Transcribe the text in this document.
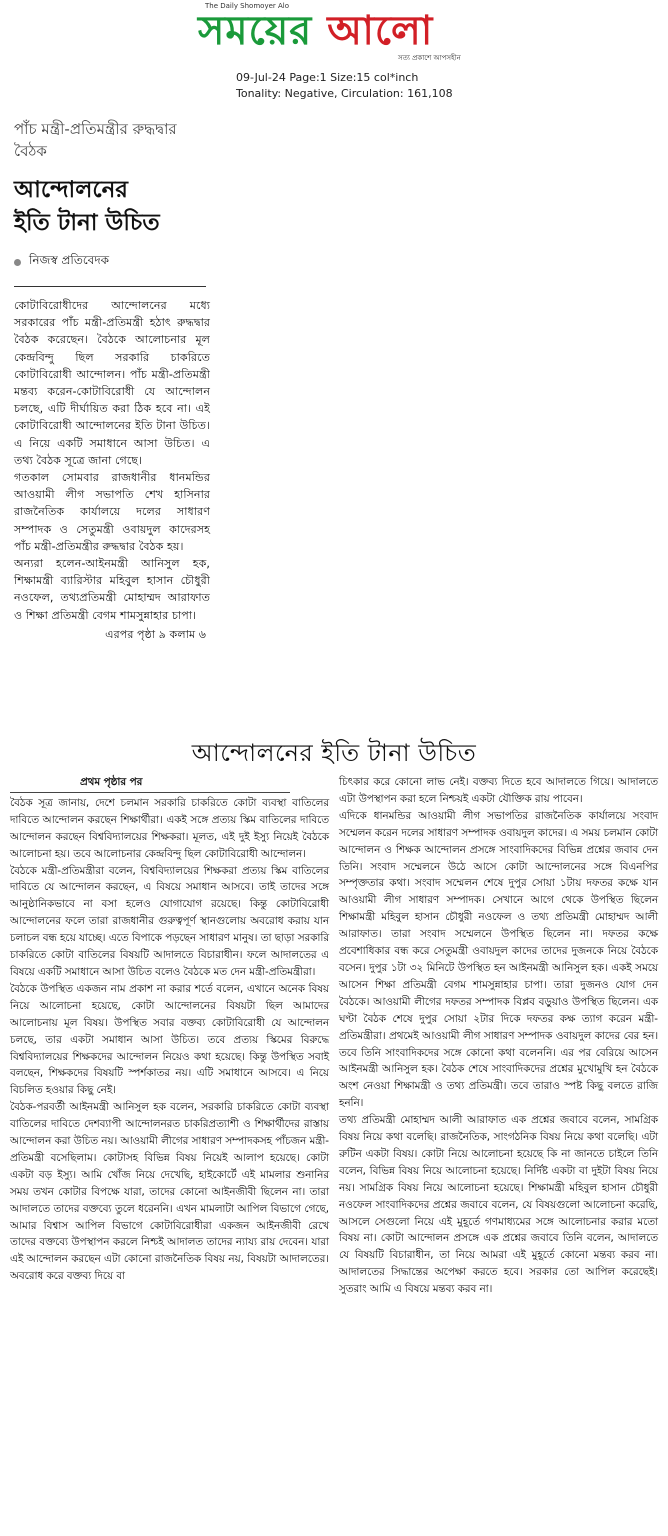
The Daily Shomoyer Alo
সময়ের আলো
সত্য প্রকাশে আপসহীন
09-Jul-24 Page:1 Size:15 col*inch
Tonality: Negative, Circulation: 161,108
পাঁচ মন্ত্রী-প্রতিমন্ত্রীর রুদ্ধদ্বার বৈঠক
আন্দোলনের
ইতি টানা উচিত
নিজস্ব প্রতিবেদক

কোটাবিরোধীদের আন্দোলনের মধ্যে সরকারের পাঁচ মন্ত্রী-প্রতিমন্ত্রী হঠাৎ রুদ্ধদ্বার বৈঠক করেছেন। বৈঠকে আলোচনার মূল কেন্দ্রবিন্দু ছিল সরকারি চাকরিতে কোটাবিরোধী আন্দোলন। পাঁচ মন্ত্রী-প্রতিমন্ত্রী মন্তব্য করেন-কোটাবিরোধী যে আন্দোলন চলছে, এটি দীর্ঘায়িত করা ঠিক হবে না। এই কোটাবিরোধী আন্দোলনের ইতি টানা উচিত। এ নিয়ে একটি সমাধানে আসা উচিত। এ তথ্য বৈঠক সূত্রে জানা গেছে।

গতকাল সোমবার রাজধানীর ধানমন্ডির আওয়ামী লীগ সভাপতি শেখ হাসিনার রাজনৈতিক কার্যালয়ে দলের সাধারণ সম্পাদক ও সেতুমন্ত্রী ওবায়দুল কাদেরসহ পাঁচ মন্ত্রী-প্রতিমন্ত্রীর রুদ্ধদ্বার বৈঠক হয়।

অন্যরা হলেন-আইনমন্ত্রী আনিসুল হক, শিক্ষামন্ত্রী ব্যারিস্টার মহিবুল হাসান চৌধুরী নওফেল, তথ্যপ্রতিমন্ত্রী মোহাম্মদ আরাফাত ও শিক্ষা প্রতিমন্ত্রী বেগম শামসুন্নাহার চাপা।

এরপর পৃষ্ঠা ৯ কলাম ৬
আন্দোলনের ইতি টানা উচিত

প্রথম পৃষ্ঠার পর

বৈঠক সূত্র জানায়, দেশে চলমান সরকারি চাকরিতে কোটা ব্যবস্থা বাতিলের দাবিতে আন্দোলন করছেন শিক্ষার্থীরা। একই সঙ্গে প্রত্যয় স্কিম বাতিলের দাবিতে আন্দোলন করছেন বিশ্ববিদ্যালয়ের শিক্ষকরা। মূলত, এই দুই ইস্যু নিয়েই বৈঠকে আলোচনা হয়। তবে আলোচনার কেন্দ্রবিন্দু ছিল কোটাবিরোধী আন্দোলন।

বৈঠকে মন্ত্রী-প্রতিমন্ত্রীরা বলেন, বিশ্ববিদ্যালয়ের শিক্ষকরা প্রত্যয় স্কিম বাতিলের দাবিতে যে আন্দোলন করছেন, এ বিষয়ে সমাধান আসবে। তাই তাদের সঙ্গে আনুষ্ঠানিকভাবে না বসা হলেও যোগাযোগ রয়েছে। কিন্তু কোটাবিরোধী আন্দোলনের ফলে তারা রাজধানীর গুরুত্বপূর্ণ স্থানগুলোয় অবরোধ করায় যান চলাচল বন্ধ হয়ে যাচ্ছে। এতে বিপাকে পড়ছেন সাধারণ মানুষ। তা ছাড়া সরকারি চাকরিতে কোটা বাতিলের বিষয়টি আদালতে বিচারাধীন। ফলে আদালতের এ বিষয়ে একটি সমাধানে আসা উচিত বলেও বৈঠকে মত দেন মন্ত্রী-প্রতিমন্ত্রীরা।

বৈঠকে উপস্থিত একজন নাম প্রকাশ না করার শর্তে বলেন, এখানে অনেক বিষয় নিয়ে আলোচনা হয়েছে, কোটা আন্দোলনের বিষয়টা ছিল আমাদের আলোচনায় মূল বিষয়। উপস্থিত সবার বক্তব্য কোটাবিরোধী যে আন্দোলন চলছে, তার একটা সমাধান আসা উচিত। তবে প্রত্যয় স্কিমের বিরুদ্ধে বিশ্ববিদ্যালয়ের শিক্ষকদের আন্দোলন নিয়েও কথা হয়েছে। কিন্তু উপস্থিত সবাই বলছেন, শিক্ষকদের বিষয়টি স্পর্শকাতর নয়। এটি সমাধানে আসবে। এ নিয়ে বিচলিত হওয়ার কিছু নেই।

বৈঠক-পরবর্তী আইনমন্ত্রী আনিসুল হক বলেন, সরকারি চাকরিতে কোটা ব্যবস্থা বাতিলের দাবিতে দেশব্যাপী আন্দোলনরত চাকরিপ্রত্যাশী ও শিক্ষার্থীদের রাস্তায় আন্দোলন করা উচিত নয়। আওয়ামী লীগের সাধারণ সম্পাদকসহ পাঁচজন মন্ত্রী-প্রতিমন্ত্রী বসেছিলাম। কোটাসহ বিভিন্ন বিষয় নিয়েই আলাপ হয়েছে। কোটা একটা বড় ইস্যু। আমি খোঁজ নিয়ে দেখেছি, হাইকোর্টে এই মামলার শুনানির সময় তখন কোটার বিপক্ষে যারা, তাদের কোনো আইনজীবী ছিলেন না। তারা আদালতে তাদের বক্তব্যে তুলে ধরেননি। এখন মামলাটা আপিল বিভাগে গেছে, আমার বিশ্বাস আপিল বিভাগে কোটাবিরোধীরা একজন আইনজীবী রেখে তাদের বক্তব্যে উপস্থাপন করলে নিশ্চই আদালত তাদের ন্যায্য রায় দেবেন। যারা এই আন্দোলন করছেন এটা কোনো রাজনৈতিক বিষয় নয়, বিষয়টা আদালতের। অবরোধ করে বক্তব্য দিয়ে বা

চিৎকার করে কোনো লাভ নেই। বক্তব্য দিতে হবে আদালতে গিয়ে। আদালতে এটা উপস্থাপন করা হলে নিশ্চয়ই একটা যৌক্তিক রায় পাবেন।

এদিকে ধানমন্ডির আওয়ামী লীগ সভাপতির রাজনৈতিক কার্যালয়ে সংবাদ সম্মেলন করেন দলের সাধারণ সম্পাদক ওবায়দুল কাদের। এ সময় চলমান কোটা আন্দোলন ও শিক্ষক আন্দোলন প্রসঙ্গে সাংবাদিকদের বিভিন্ন প্রশ্নের জবাব দেন তিনি। সংবাদ সম্মেলনে উঠে আসে কোটা আন্দোলনের সঙ্গে বিএনপির সম্পৃক্ততার কথা। সংবাদ সম্মেলন শেষে দুপুর সোয়া ১টায় দফতর কক্ষে যান আওয়ামী লীগ সাধারণ সম্পাদক। সেখানে আগে থেকে উপস্থিত ছিলেন শিক্ষামন্ত্রী মহিবুল হাসান চৌধুরী নওফেল ও তথ্য প্রতিমন্ত্রী মোহাম্মদ আলী আরাফাত। তারা সংবাদ সম্মেলনে উপস্থিত ছিলেন না। দফতর কক্ষে প্রবেশাধিকার বন্ধ করে সেতুমন্ত্রী ওবায়দুল কাদের তাদের দুজনকে নিয়ে বৈঠকে বসেন। দুপুর ১টা ৩২ মিনিটে উপস্থিত হন আইনমন্ত্রী আনিসুল হক। একই সময়ে আসেন শিক্ষা প্রতিমন্ত্রী বেগম শামসুন্নাহার চাপা। তারা দুজনও যোগ দেন বৈঠকে। আওয়ামী লীগের দফতর সম্পাদক বিপ্লব বড়ুয়াও উপস্থিত ছিলেন। এক ঘণ্টা বৈঠক শেষে দুপুর সোয়া ২টার দিকে দফতর কক্ষ ত্যাগ করেন মন্ত্রী-প্রতিমন্ত্রীরা। প্রথমেই আওয়ামী লীগ সাধারণ সম্পাদক ওবায়দুল কাদের বের হন। তবে তিনি সাংবাদিকদের সঙ্গে কোনো কথা বলেননি। এর পর বেরিয়ে আসেন আইনমন্ত্রী আনিসুল হক। বৈঠক শেষে সাংবাদিকদের প্রশ্নের মুখোমুখি হন বৈঠকে অংশ নেওয়া শিক্ষামন্ত্রী ও তথ্য প্রতিমন্ত্রী। তবে তারাও স্পষ্ট কিছু বলতে রাজি হননি।

তথ্য প্রতিমন্ত্রী মোহাম্মদ আলী আরাফাত এক প্রশ্নের জবাবে বলেন, সামগ্রিক বিষয় নিয়ে কথা বলেছি। রাজনৈতিক, সাংগঠনিক বিষয় নিয়ে কথা বলেছি। এটা রুটিন একটা বিষয়। কোটা নিয়ে আলোচনা হয়েছে কি না জানতে চাইলে তিনি বলেন, বিভিন্ন বিষয় নিয়ে আলোচনা হয়েছে। নির্দিষ্ট একটা বা দুইটা বিষয় নিয়ে নয়। সামগ্রিক বিষয় নিয়ে আলোচনা হয়েছে। শিক্ষামন্ত্রী মহিবুল হাসান চৌধুরী নওফেল সাংবাদিকদের প্রশ্নের জবাবে বলেন, যে বিষয়গুলো আলোচনা করেছি, আসলে সেগুলো নিয়ে এই মুহূর্তে গণমাধ্যমের সঙ্গে আলোচনার করার মতো বিষয় না। কোটা আন্দোলন প্রসঙ্গে এক প্রশ্নের জবাবে তিনি বলেন, আদালতে যে বিষয়টি বিচারাধীন, তা নিয়ে আমরা এই মুহূর্তে কোনো মন্তব্য করব না। আদালতের সিদ্ধান্তের অপেক্ষা করতে হবে। সরকার তো আপিল করেছেই। সুতরাং আমি এ বিষয়ে মন্তব্য করব না।
